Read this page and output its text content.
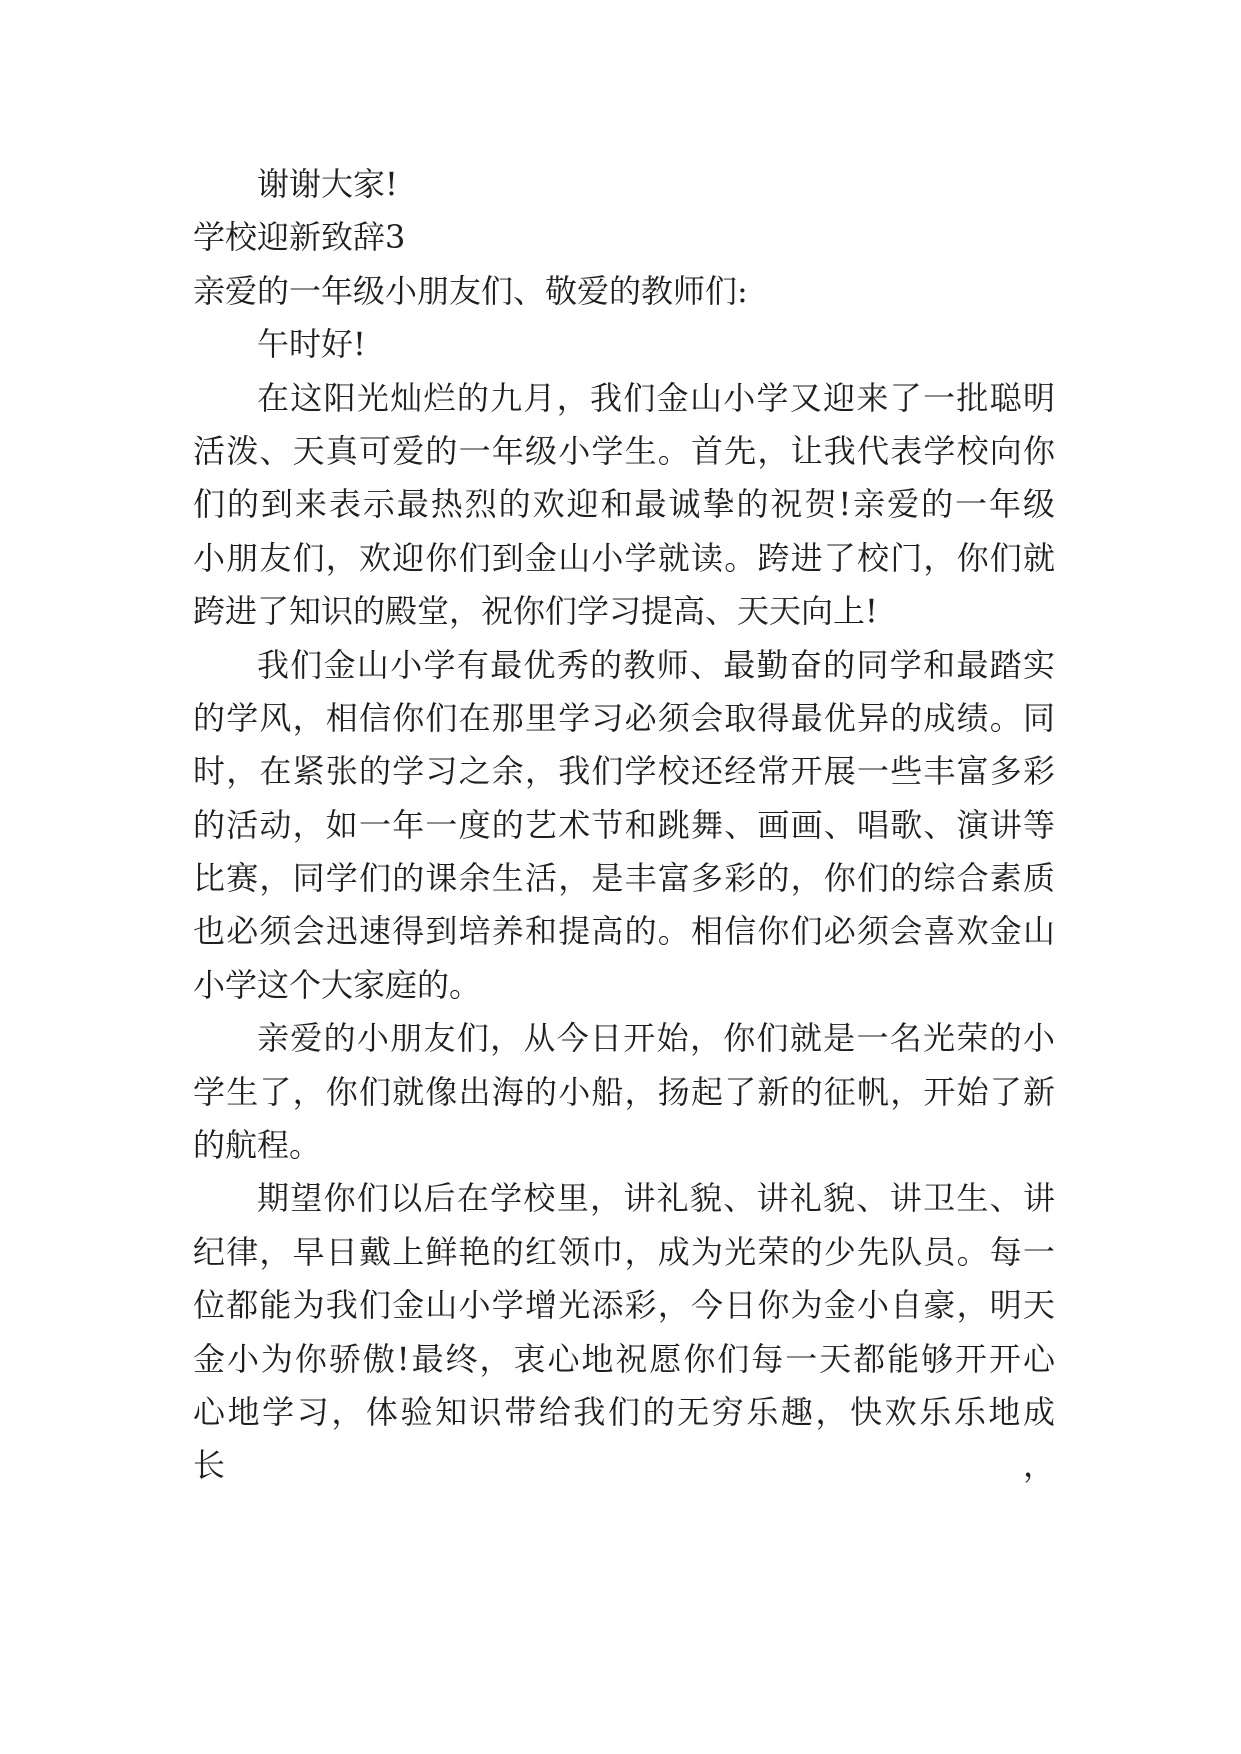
谢谢大家!
学校迎新致辞3
亲爱的一年级小朋友们、敬爱的教师们:
午时好!
在这阳光灿烂的九月，我们金山小学又迎来了一批聪明
活泼、天真可爱的一年级小学生。首先，让我代表学校向你
们的到来表示最热烈的欢迎和最诚挚的祝贺!亲爱的一年级
小朋友们，欢迎你们到金山小学就读。跨进了校门，你们就
跨进了知识的殿堂，祝你们学习提高、天天向上!
我们金山小学有最优秀的教师、最勤奋的同学和最踏实
的学风，相信你们在那里学习必须会取得最优异的成绩。同
时，在紧张的学习之余，我们学校还经常开展一些丰富多彩
的活动，如一年一度的艺术节和跳舞、画画、唱歌、演讲等
比赛，同学们的课余生活，是丰富多彩的，你们的综合素质
也必须会迅速得到培养和提高的。相信你们必须会喜欢金山
小学这个大家庭的。
亲爱的小朋友们，从今日开始，你们就是一名光荣的小
学生了，你们就像出海的小船，扬起了新的征帆，开始了新
的航程。
期望你们以后在学校里，讲礼貌、讲礼貌、讲卫生、讲
纪律，早日戴上鲜艳的红领巾，成为光荣的少先队员。每一
位都能为我们金山小学增光添彩，今日你为金小自豪，明天
金小为你骄傲!最终，衷心地祝愿你们每一天都能够开开心
心地学习，体验知识带给我们的无穷乐趣，快欢乐乐地成长，
